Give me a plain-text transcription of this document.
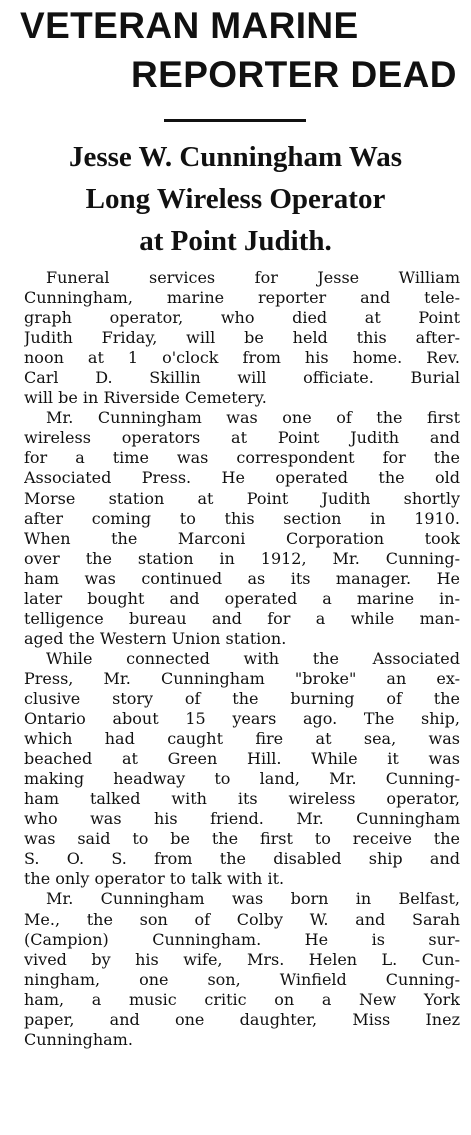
VETERAN MARINE
REPORTER DEAD
Jesse W. Cunningham Was
Long Wireless Operator
at Point Judith.

Funeral services for Jesse William
Cunningham, marine reporter and tele-
graph operator, who died at Point
Judith Friday, will be held this after-
noon at 1 o'clock from his home. Rev.
Carl D. Skillin will officiate. Burial
will be in Riverside Cemetery.

Mr. Cunningham was one of the first
wireless operators at Point Judith and
for a time was correspondent for the
Associated Press. He operated the old
Morse station at Point Judith shortly
after coming to this section in 1910.
When the Marconi Corporation took
over the station in 1912, Mr. Cunning-
ham was continued as its manager. He
later bought and operated a marine in-
telligence bureau and for a while man-
aged the Western Union station.

While connected with the Associated
Press, Mr. Cunningham "broke" an ex-
clusive story of the burning of the
Ontario about 15 years ago. The ship,
which had caught fire at sea, was
beached at Green Hill. While it was
making headway to land, Mr. Cunning-
ham talked with its wireless operator,
who was his friend. Mr. Cunningham
was said to be the first to receive the
S. O. S. from the disabled ship and
the only operator to talk with it.

Mr. Cunningham was born in Belfast,
Me., the son of Colby W. and Sarah
(Campion) Cunningham. He is sur-
vived by his wife, Mrs. Helen L. Cun-
ningham, one son, Winfield Cunning-
ham, a music critic on a New York
paper, and one daughter, Miss Inez
Cunningham.
